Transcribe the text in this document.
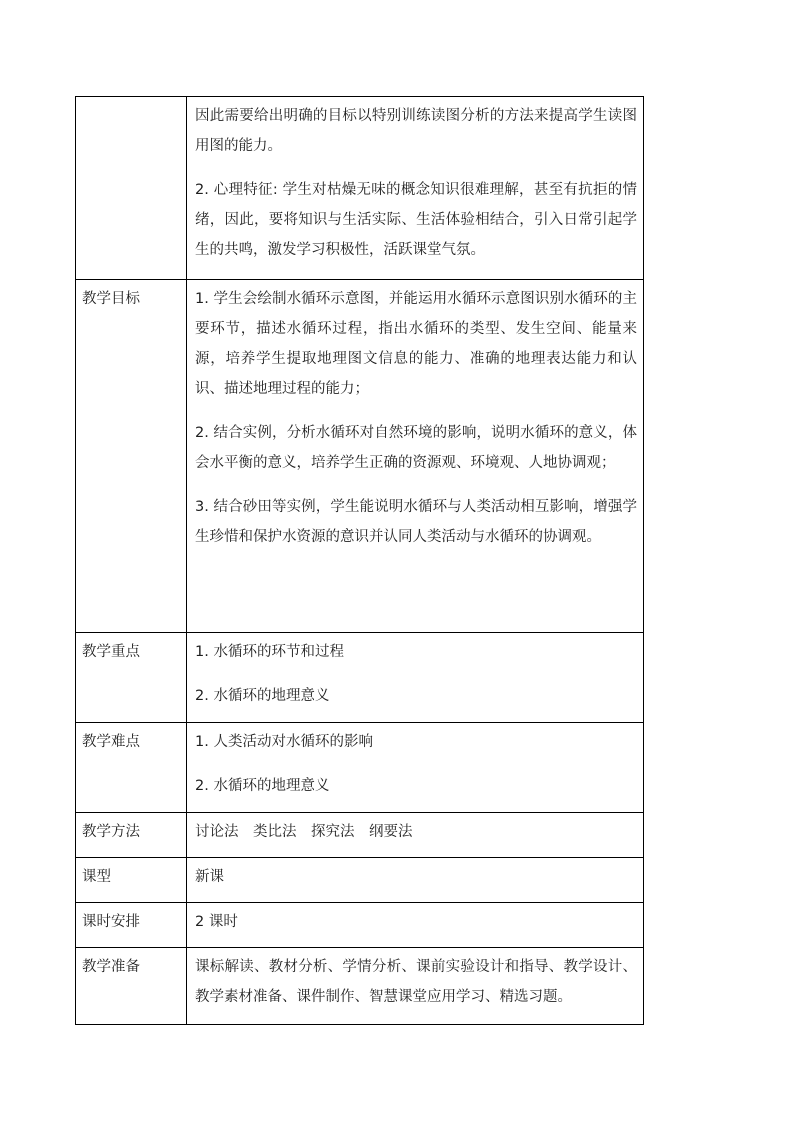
	因此需要给出明确的目标以特别训练读图分析的方法来提高学生读图用图的能力。

2. 心理特征: 学生对枯燥无味的概念知识很难理解，甚至有抗拒的情绪，因此，要将知识与生活实际、生活体验相结合，引入日常引起学生的共鸣，激发学习积极性，活跃课堂气氛。

教学目标	1. 学生会绘制水循环示意图，并能运用水循环示意图识别水循环的主要环节，描述水循环过程，指出水循环的类型、发生空间、能量来源，培养学生提取地理图文信息的能力、准确的地理表达能力和认识、描述地理过程的能力；

2. 结合实例，分析水循环对自然环境的影响，说明水循环的意义，体会水平衡的意义，培养学生正确的资源观、环境观、人地协调观；

3. 结合砂田等实例，学生能说明水循环与人类活动相互影响，增强学生珍惜和保护水资源的意识并认同人类活动与水循环的协调观。

教学重点	1. 水循环的环节和过程

2. 水循环的地理意义

教学难点	1. 人类活动对水循环的影响

2. 水循环的地理意义

教学方法	讨论法　类比法　探究法　纲要法

课型	新课

课时安排	2 课时

教学准备	课标解读、教材分析、学情分析、课前实验设计和指导、教学设计、教学素材准备、课件制作、智慧课堂应用学习、精选习题。
